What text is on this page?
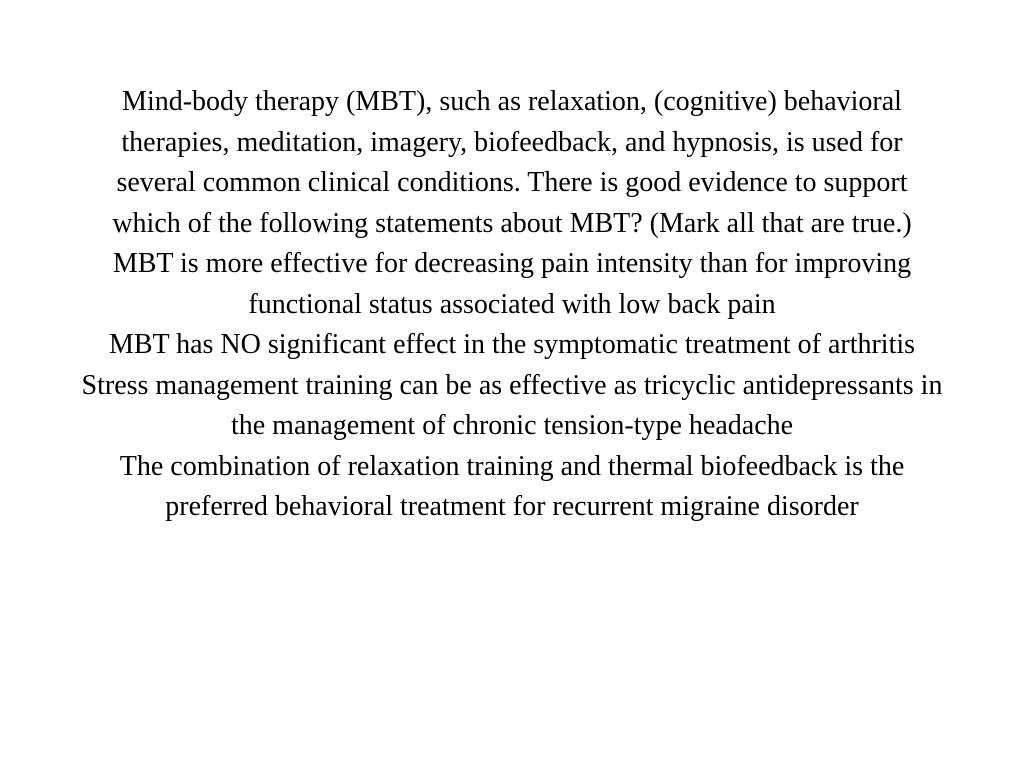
Mind-body therapy (MBT), such as relaxation, (cognitive) behavioral therapies, meditation, imagery, biofeedback, and hypnosis, is used for several common clinical conditions. There is good evidence to support which of the following statements about MBT? (Mark all that are true.)

MBT is more effective for decreasing pain intensity than for improving functional status associated with low back pain

MBT has NO significant effect in the symptomatic treatment of arthritis

Stress management training can be as effective as tricyclic antidepressants in the management of chronic tension-type headache

The combination of relaxation training and thermal biofeedback is the preferred behavioral treatment for recurrent migraine disorder
